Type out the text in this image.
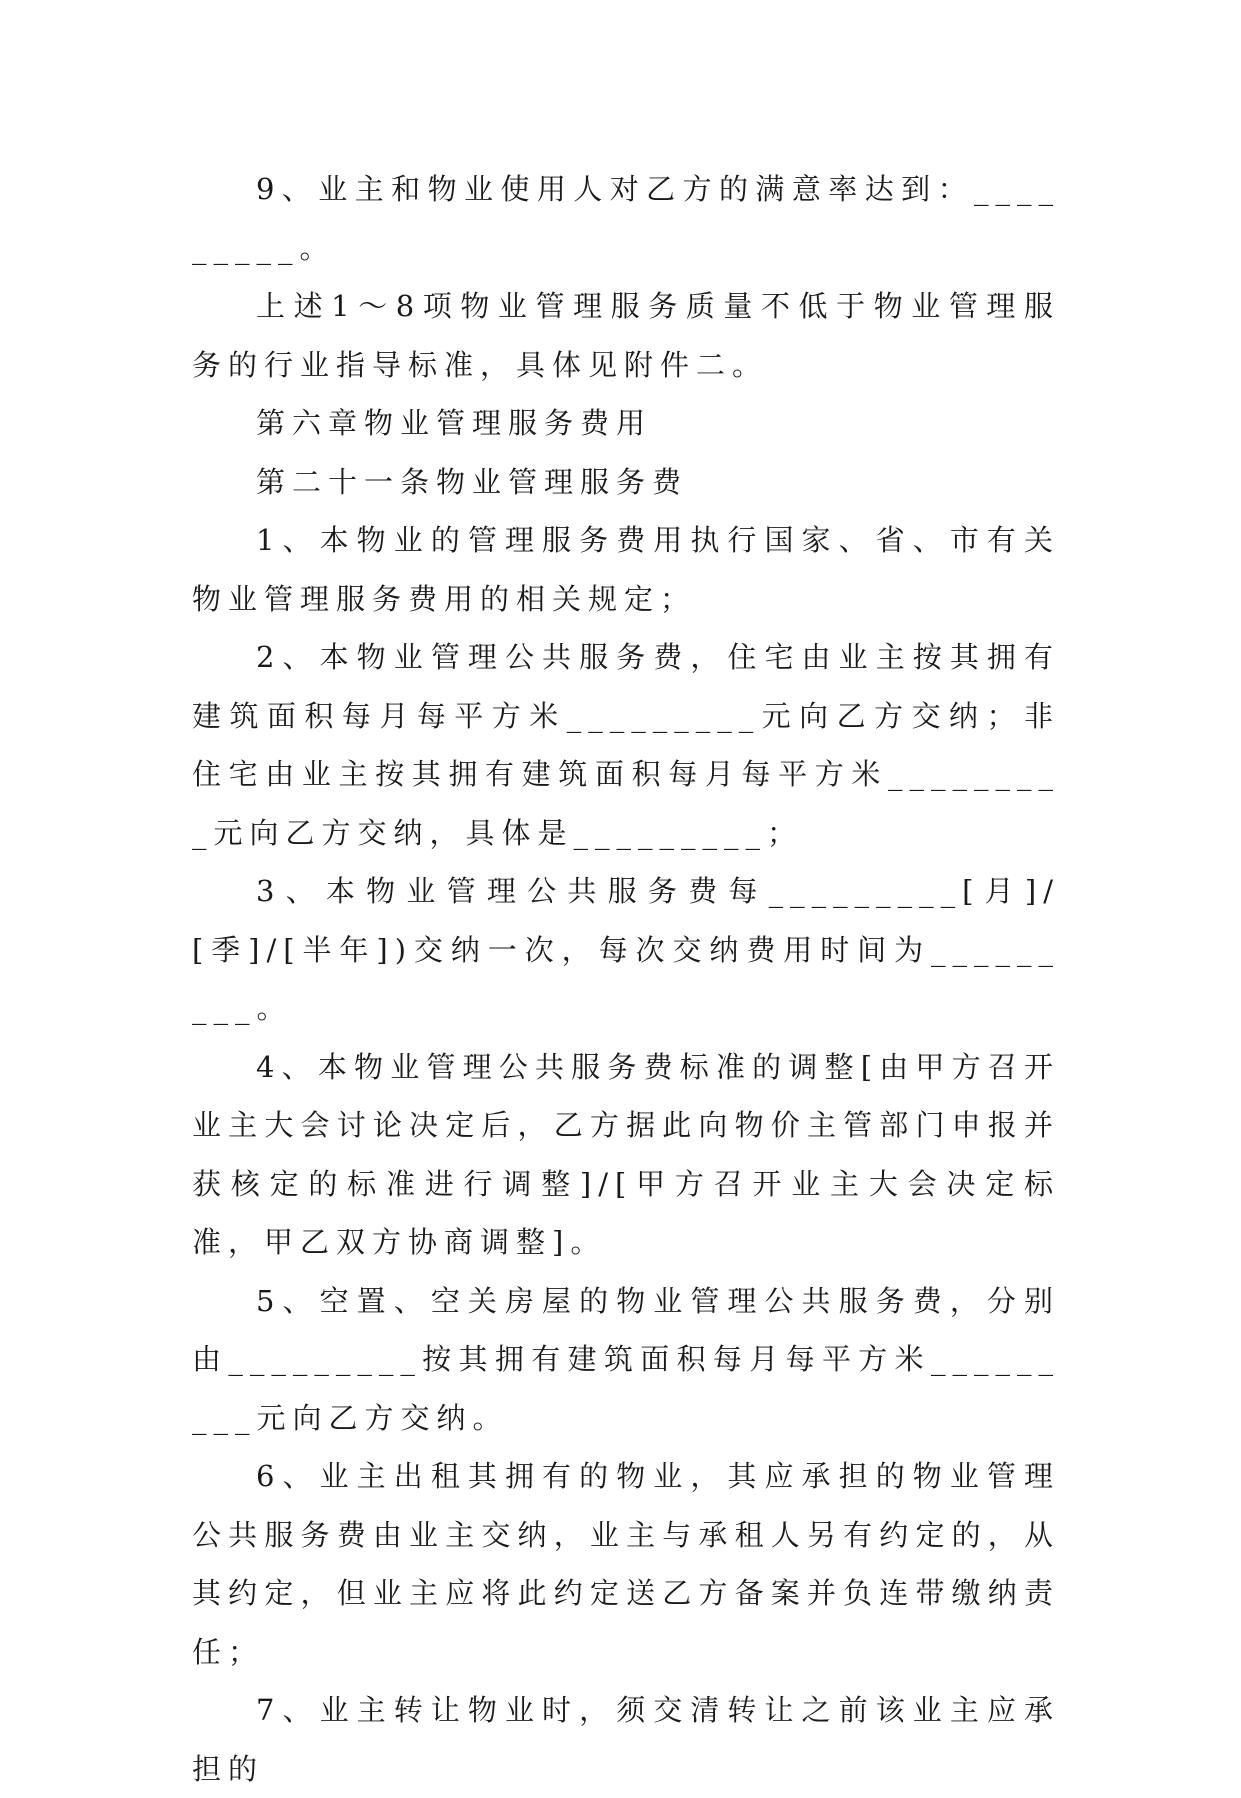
9、业主和物业使用人对乙方的满意率达到：_________。

上述1～8项物业管理服务质量不低于物业管理服务的行业指导标准，具体见附件二。

第六章物业管理服务费用

第二十一条物业管理服务费

1、本物业的管理服务费用执行国家、省、市有关物业管理服务费用的相关规定；

2、本物业管理公共服务费，住宅由业主按其拥有建筑面积每月每平方米_________元向乙方交纳；非住宅由业主按其拥有建筑面积每月每平方米_________元向乙方交纳，具体是_________；

3、本物业管理公共服务费每_________[月]/[季]/[半年])交纳一次，每次交纳费用时间为_________。

4、本物业管理公共服务费标准的调整[由甲方召开业主大会讨论决定后，乙方据此向物价主管部门申报并获核定的标准进行调整]/[甲方召开业主大会决定标准，甲乙双方协商调整]。

5、空置、空关房屋的物业管理公共服务费，分别由_________按其拥有建筑面积每月每平方米_________元向乙方交纳。

6、业主出租其拥有的物业，其应承担的物业管理公共服务费由业主交纳，业主与承租人另有约定的，从其约定，但业主应将此约定送乙方备案并负连带缴纳责任；

7、业主转让物业时，须交清转让之前该业主应承担的
